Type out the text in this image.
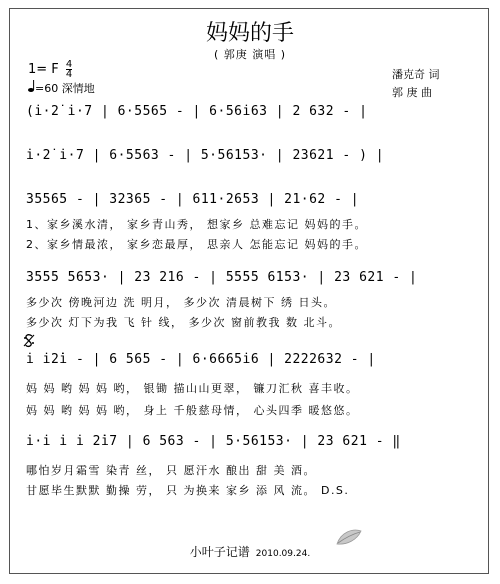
妈妈的手
( 郭庚 演唱 )
1= F $\frac{4}{4}$
=60 深情地
潘克奇 词
郭 庚 曲
(i̇·2̇ i̇·7 | 6·5565 - | 6·56i̇63 | 2 632 - |
i̇·2̇ i̇·7 | 6·5563 - | 5·56153· | 23621 - ) |
35565 - | 32365 - | 611·2653 | 21·62 - |
1、家乡溪水清， 家乡青山秀， 想家乡 总难忘记 妈妈的手。
2、家乡情最浓， 家乡恋最厚， 思亲人 怎能忘记 妈妈的手。
3555 5653· | 23 216 - | 5555 6153· | 23 621 - |
多少次 傍晚河边 洗 明月， 多少次 清晨树下 绣 日头。
多少次 灯下为我 飞 针 线， 多少次 窗前教我 数 北斗。
i̇ i̇2̇i̇ - | 6 565 - | 6·6665i̇6 | 2222632 - |
妈 妈 哟 妈 妈 哟， 银锄 描山山更翠， 镰刀汇秋 喜丰收。
妈 妈 哟 妈 妈 哟， 身上 千般慈母情， 心头四季 暖悠悠。
i̇·i̇ i̇ i̇ 2̇i̇7 | 6 563 - | 5·56153· | 23 621 - ‖
哪怕岁月霜雪 染青 丝， 只 愿汗水 酿出 甜 美 酒。
甘愿毕生默默 勤操 劳， 只 为换来 家乡 添 风 流。 D.S.
小叶子记谱 2010.09.24.
